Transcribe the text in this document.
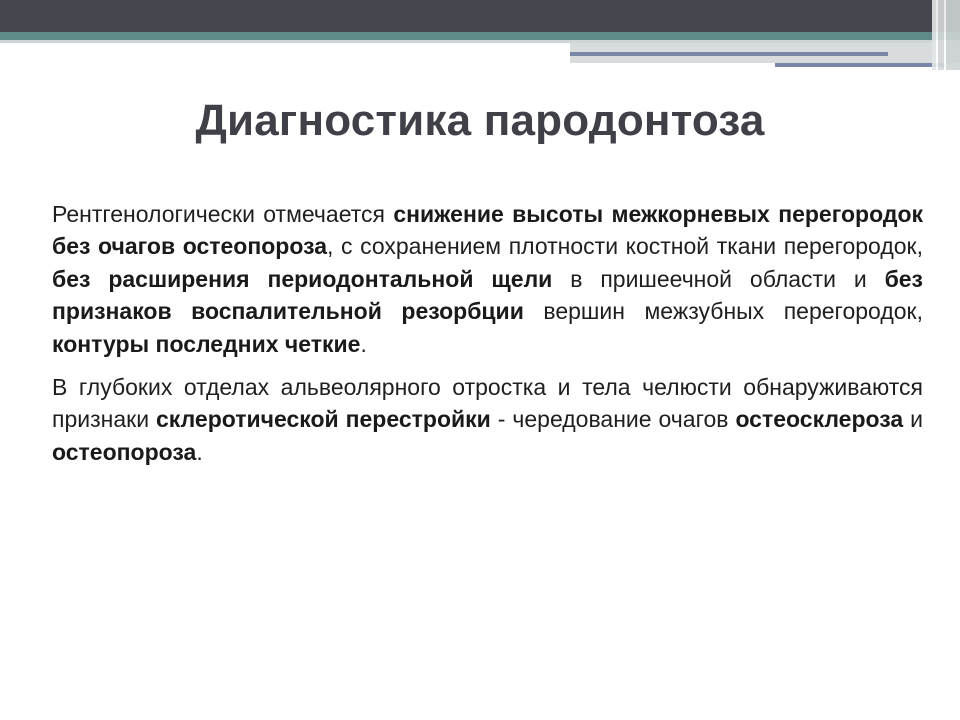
Диагностика пародонтоза

Рентгенологически отмечается снижение высоты межкорневых перегородок без очагов остеопороза, с сохранением плотности костной ткани перегородок, без расширения периодонтальной щели в пришеечной области и без признаков воспалительной резорбции вершин межзубных перегородок, контуры последних четкие.

В глубоких отделах альвеолярного отростка и тела челюсти обнаруживаются признаки склеротической перестройки - чередование очагов остеосклероза и остеопороза.
